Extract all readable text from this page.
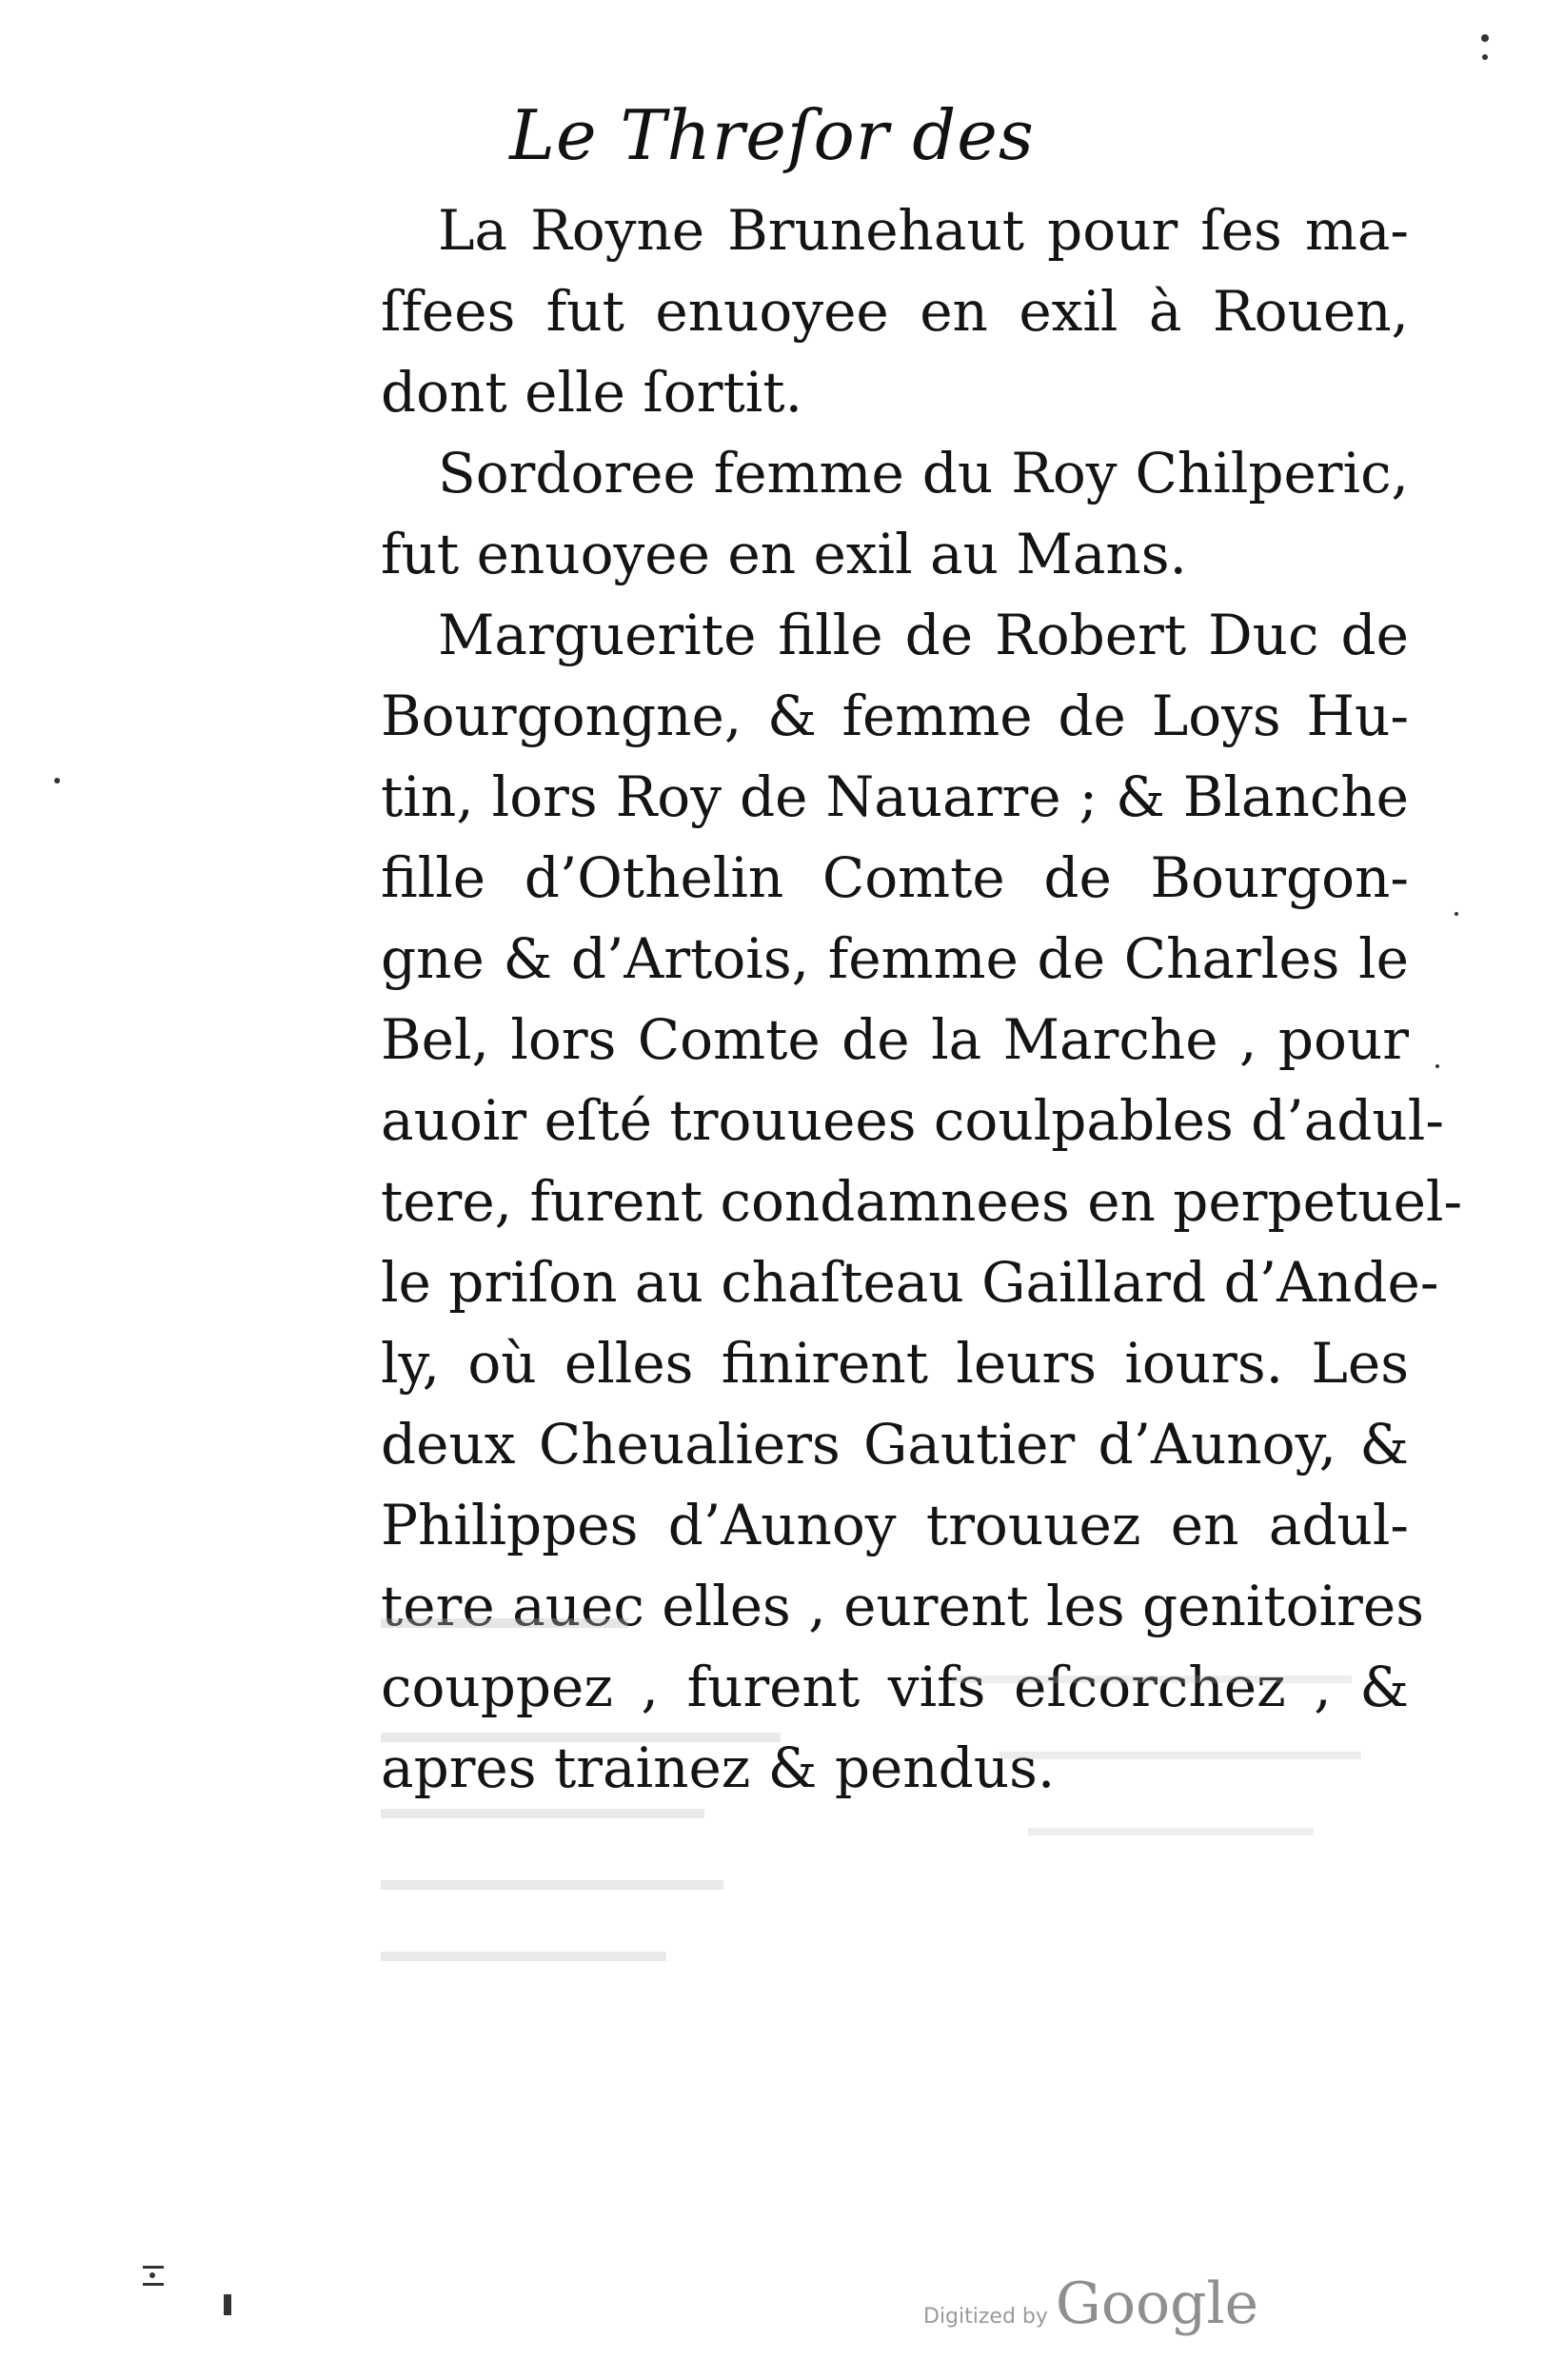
Le Threſor des
La Royne Brunehaut pour ſes ma-
ſfees fut enuoyee en exil à Rouen,
dont elle ſortit.
Sordoree femme du Roy Chilperic,
fut enuoyee en exil au Mans.
Marguerite fille de Robert Duc de
Bourgongne, & femme de Loys Hu-
tin, lors Roy de Nauarre ; & Blanche
fille d’Othelin Comte de Bourgon-
gne & d’Artois, femme de Charles le
Bel, lors Comte de la Marche , pour
auoir eſté trouuees coulpables d’adul-
tere, furent condamnees en perpetuel-
le priſon au chaſteau Gaillard d’Ande-
ly, où elles finirent leurs iours. Les
deux Cheualiers Gautier d’Aunoy, &
Philippes d’Aunoy trouuez en adul-
tere auec elles , eurent les genitoires
couppez , furent vifs eſcorchez , &
apres trainez & pendus.
Digitized by Google
